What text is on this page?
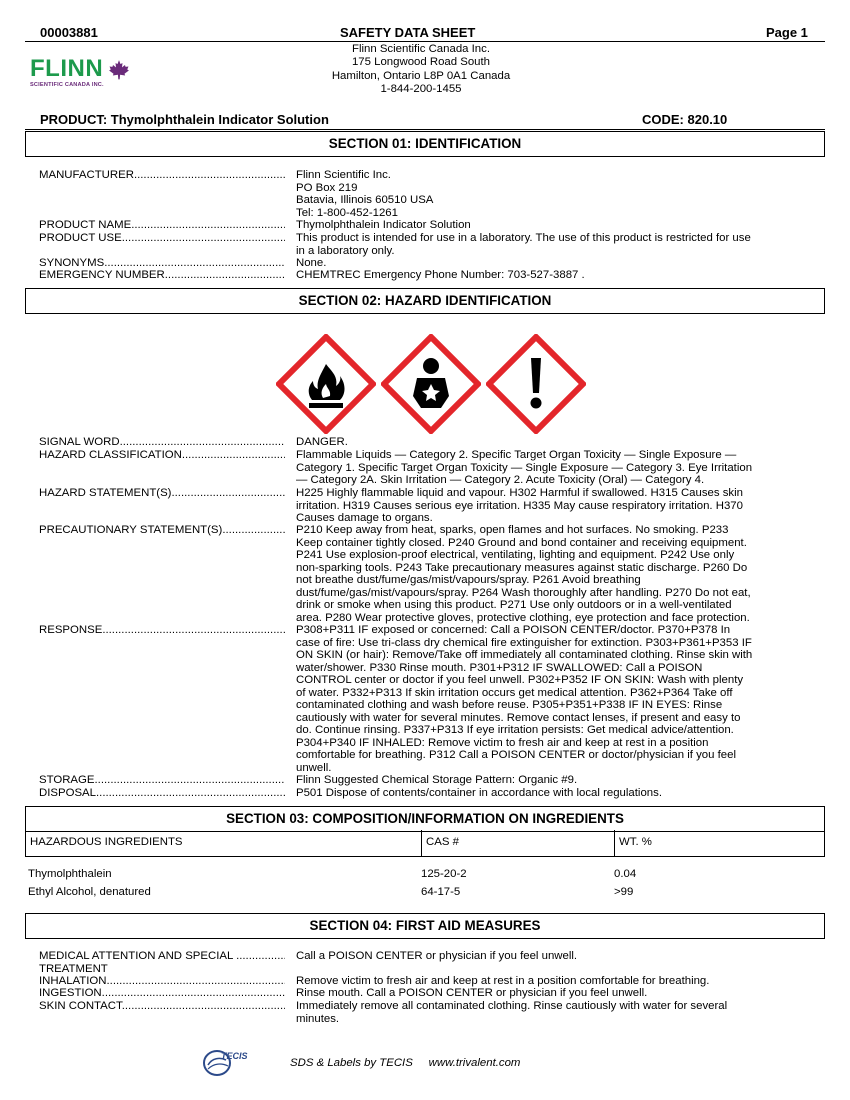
00003881	SAFETY DATA SHEET	Page 1
FLINN
SCIENTIFIC CANADA INC.
Flinn Scientific Canada Inc.
175 Longwood Road South
Hamilton, Ontario L8P 0A1 Canada
1-844-200-1455
PRODUCT: Thymolphthalein Indicator Solution	CODE: 820.10
SECTION 01: IDENTIFICATION
MANUFACTURER .....	Flinn Scientific Inc.
PO Box 219
Batavia, Illinois 60510 USA
Tel: 1-800-452-1261
PRODUCT NAME .....	Thymolphthalein Indicator Solution
PRODUCT USE .....	This product is intended for use in a laboratory. The use of this product is restricted for use
in a laboratory only.
SYNONYMS .....	None.
EMERGENCY NUMBER .....	CHEMTREC Emergency Phone Number: 703-527-3887 .
SECTION 02: HAZARD IDENTIFICATION
SIGNAL WORD .....	DANGER.
HAZARD CLASSIFICATION .....	Flammable Liquids — Category 2. Specific Target Organ Toxicity — Single Exposure —
Category 1. Specific Target Organ Toxicity — Single Exposure — Category 3. Eye Irritation
— Category 2A. Skin Irritation — Category 2. Acute Toxicity (Oral) — Category 4.
HAZARD STATEMENT(S) .....	H225 Highly flammable liquid and vapour. H302 Harmful if swallowed. H315 Causes skin
irritation. H319 Causes serious eye irritation. H335 May cause respiratory irritation. H370
Causes damage to organs.
PRECAUTIONARY STATEMENT(S) .....	P210 Keep away from heat, sparks, open flames and hot surfaces. No smoking. P233
Keep container tightly closed. P240 Ground and bond container and receiving equipment.
P241 Use explosion-proof electrical, ventilating, lighting and equipment. P242 Use only
non-sparking tools. P243 Take precautionary measures against static discharge. P260 Do
not breathe dust/fume/gas/mist/vapours/spray. P261 Avoid breathing
dust/fume/gas/mist/vapours/spray. P264 Wash thoroughly after handling. P270 Do not eat,
drink or smoke when using this product. P271 Use only outdoors or in a well-ventilated
area. P280 Wear protective gloves, protective clothing, eye protection and face protection.
RESPONSE .....	P308+P311 IF exposed or concerned: Call a POISON CENTER/doctor. P370+P378 In
case of fire: Use tri-class dry chemical fire extinguisher for extinction. P303+P361+P353 IF
ON SKIN (or hair): Remove/Take off immediately all contaminated clothing. Rinse skin with
water/shower. P330 Rinse mouth. P301+P312 IF SWALLOWED: Call a POISON
CONTROL center or doctor if you feel unwell. P302+P352 IF ON SKIN: Wash with plenty
of water. P332+P313 If skin irritation occurs get medical attention. P362+P364 Take off
contaminated clothing and wash before reuse. P305+P351+P338 IF IN EYES: Rinse
cautiously with water for several minutes. Remove contact lenses, if present and easy to
do. Continue rinsing. P337+P313 If eye irritation persists: Get medical advice/attention.
P304+P340 IF INHALED: Remove victim to fresh air and keep at rest in a position
comfortable for breathing. P312 Call a POISON CENTER or doctor/physician if you feel
unwell.
STORAGE .....	Flinn Suggested Chemical Storage Pattern: Organic #9.
DISPOSAL .....	P501 Dispose of contents/container in accordance with local regulations.
SECTION 03: COMPOSITION/INFORMATION ON INGREDIENTS
HAZARDOUS INGREDIENTS	CAS #	WT. %
Thymolphthalein	125-20-2	0.04
Ethyl Alcohol, denatured	64-17-5	>99
SECTION 04: FIRST AID MEASURES
MEDICAL ATTENTION AND SPECIAL .....	Call a POISON CENTER or physician if you feel unwell.
TREATMENT
INHALATION .....	Remove victim to fresh air and keep at rest in a position comfortable for breathing.
INGESTION .....	Rinse mouth. Call a POISON CENTER or physician if you feel unwell.
SKIN CONTACT .....	Immediately remove all contaminated clothing. Rinse cautiously with water for several
minutes.
TECIS
SDS & Labels by TECIS     www.trivalent.com
